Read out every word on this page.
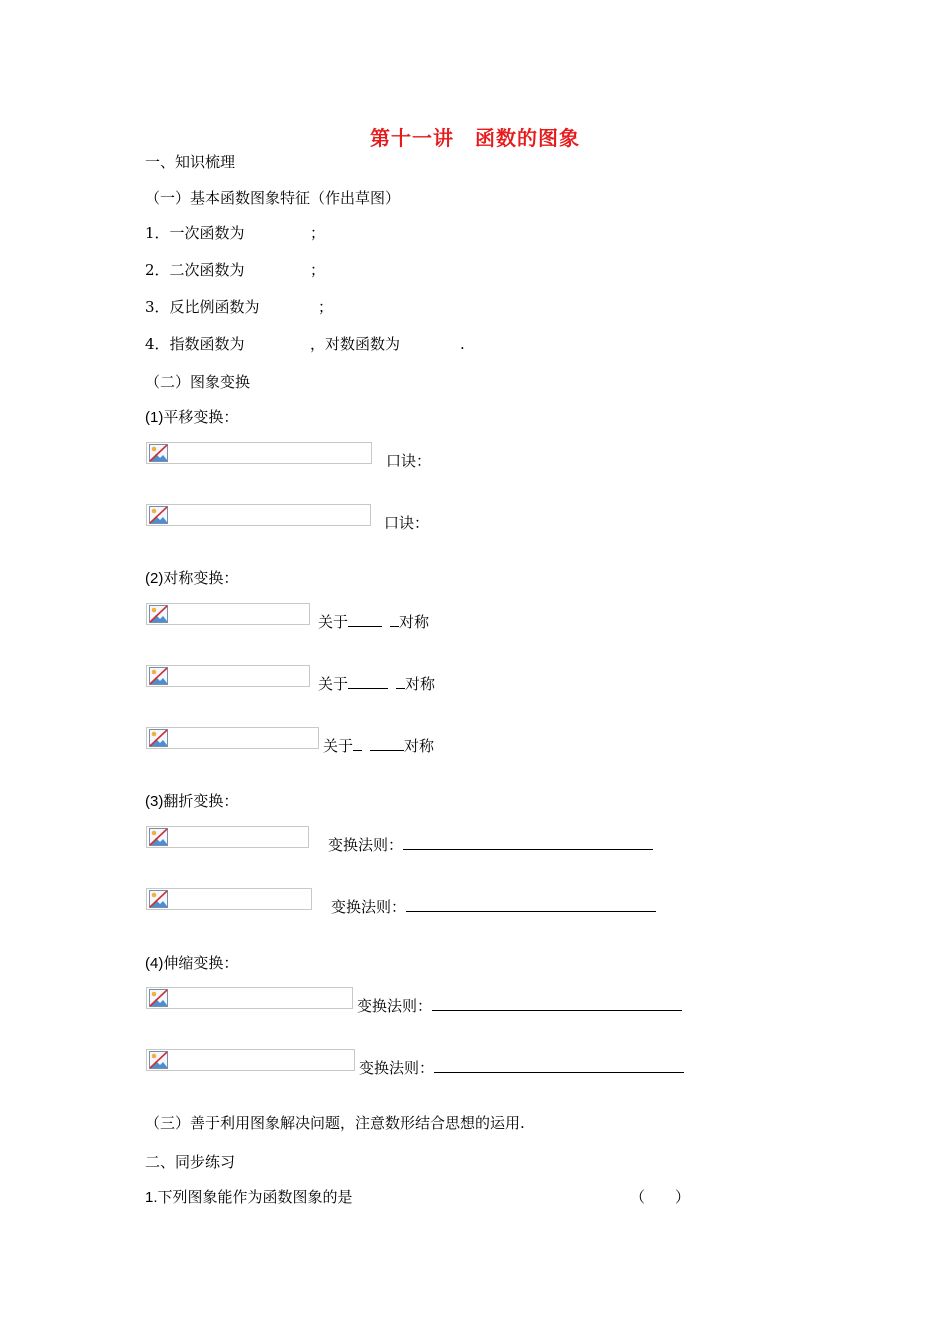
第十一讲　函数的图象
一、知识梳理
（一）基本函数图象特征（作出草图）
1．一次函数为	；
2．二次函数为	；
3．反比例函数为	；
4．指数函数为	，对数函数为	.
（二）图象变换
(1)平移变换：
口诀：
口诀：
(2)对称变换：
关于	对称
关于	对称
关于	对称
(3)翻折变换：
变换法则：
变换法则：
(4)伸缩变换：
变换法则：
变换法则：
（三）善于利用图象解决问题，注意数形结合思想的运用.
二、同步练习
1.下列图象能作为函数图象的是	（　　）
